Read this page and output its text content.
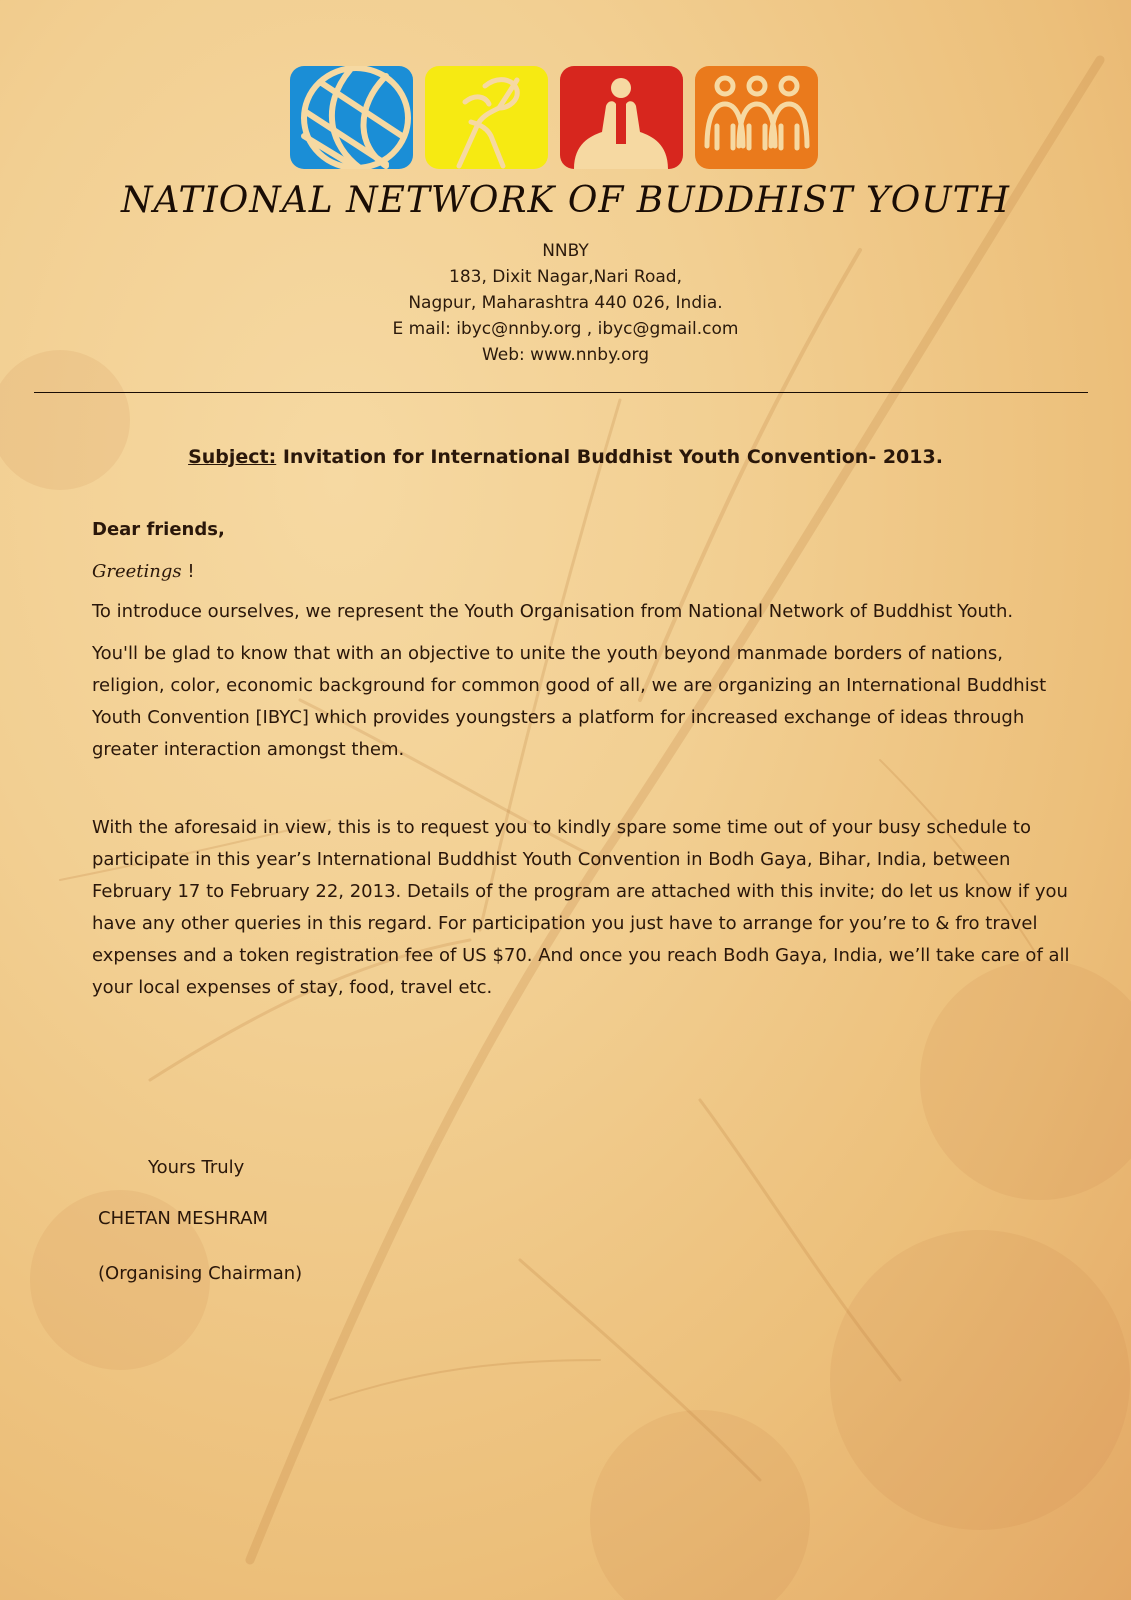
NATIONAL NETWORK OF BUDDHIST YOUTH
NNBY
183, Dixit Nagar,Nari Road,
Nagpur, Maharashtra 440 026, India.
E mail: ibyc@nnby.org , ibyc@gmail.com
Web: www.nnby.org
Subject: Invitation for International Buddhist Youth Convention- 2013.

Dear friends,

Greetings !

To introduce ourselves, we represent the Youth Organisation from National Network of Buddhist Youth.

You'll be glad to know that with an objective to unite the youth beyond manmade borders of nations, religion, color, economic background for common good of all, we are organizing an International Buddhist Youth Convention [IBYC] which provides youngsters a platform for increased exchange of ideas through greater interaction amongst them.

With the aforesaid in view, this is to request you to kindly spare some time out of your busy schedule to participate in this year’s International Buddhist Youth Convention in Bodh Gaya, Bihar, India, between February 17 to February 22, 2013. Details of the program are attached with this invite; do let us know if you have any other queries in this regard. For participation you just have to arrange for you’re to & fro travel expenses and a token registration fee of US $70. And once you reach Bodh Gaya, India, we’ll take care of all your local expenses of stay, food, travel etc.

Yours Truly
CHETAN MESHRAM
(Organising Chairman)
